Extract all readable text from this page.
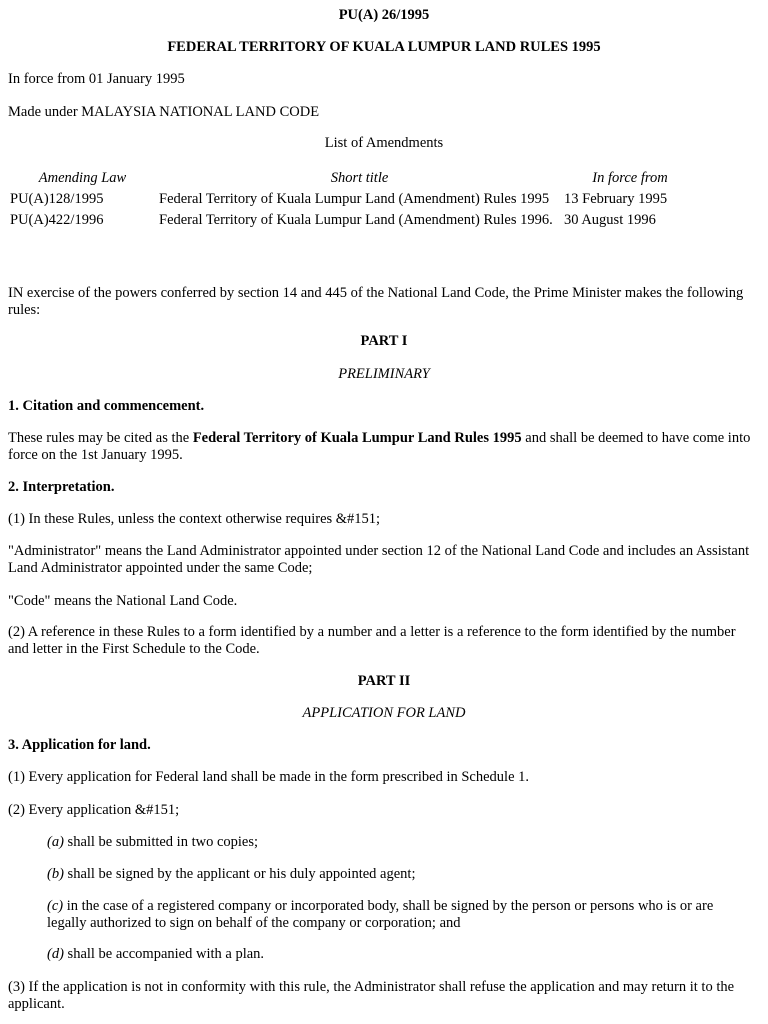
PU(A) 26/1995

FEDERAL TERRITORY OF KUALA LUMPUR LAND RULES 1995

In force from 01 January 1995

Made under MALAYSIA NATIONAL LAND CODE

List of Amendments

Amending Law	Short title	In force from
PU(A)128/1995	Federal Territory of Kuala Lumpur Land (Amendment) Rules 1995	13 February 1995
PU(A)422/1996	Federal Territory of Kuala Lumpur Land (Amendment) Rules 1996.	30 August 1996

IN exercise of the powers conferred by section 14 and 445 of the National Land Code, the Prime Minister makes the following rules:

PART I

PRELIMINARY

1. Citation and commencement.

These rules may be cited as the Federal Territory of Kuala Lumpur Land Rules 1995 and shall be deemed to have come into force on the 1st January 1995.

2. Interpretation.

(1) In these Rules, unless the context otherwise requires &#151;

"Administrator" means the Land Administrator appointed under section 12 of the National Land Code and includes an Assistant Land Administrator appointed under the same Code;

"Code" means the National Land Code.

(2) A reference in these Rules to a form identified by a number and a letter is a reference to the form identified by the number and letter in the First Schedule to the Code.

PART II

APPLICATION FOR LAND

3. Application for land.

(1) Every application for Federal land shall be made in the form prescribed in Schedule 1.

(2) Every application &#151;

(a) shall be submitted in two copies;

(b) shall be signed by the applicant or his duly appointed agent;

(c) in the case of a registered company or incorporated body, shall be signed by the person or persons who is or are legally authorized to sign on behalf of the company or corporation; and

(d) shall be accompanied with a plan.

(3) If the application is not in conformity with this rule, the Administrator shall refuse the application and may return it to the applicant.
